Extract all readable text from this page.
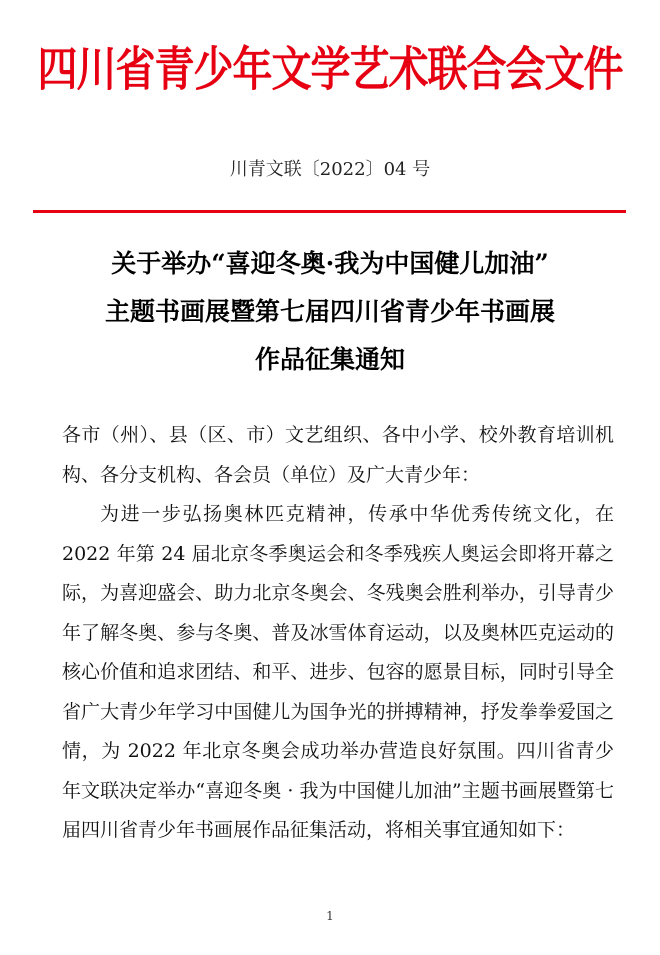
四川省青少年文学艺术联合会文件
川青文联〔2022〕04 号
关于举办“喜迎冬奥·我为中国健儿加油”
主题书画展暨第七届四川省青少年书画展
作品征集通知

各市（州）、县（区、市）文艺组织、各中小学、校外教育培训机构、各分支机构、各会员（单位）及广大青少年：

为进一步弘扬奥林匹克精神，传承中华优秀传统文化，在 2022 年第 24 届北京冬季奥运会和冬季残疾人奥运会即将开幕之际，为喜迎盛会、助力北京冬奥会、冬残奥会胜利举办，引导青少年了解冬奥、参与冬奥、普及冰雪体育运动，以及奥林匹克运动的核心价值和追求团结、和平、进步、包容的愿景目标，同时引导全省广大青少年学习中国健儿为国争光的拼搏精神，抒发拳拳爱国之情，为 2022 年北京冬奥会成功举办营造良好氛围。四川省青少年文联决定举办“喜迎冬奥 · 我为中国健儿加油”主题书画展暨第七届四川省青少年书画展作品征集活动，将相关事宜通知如下：

1
